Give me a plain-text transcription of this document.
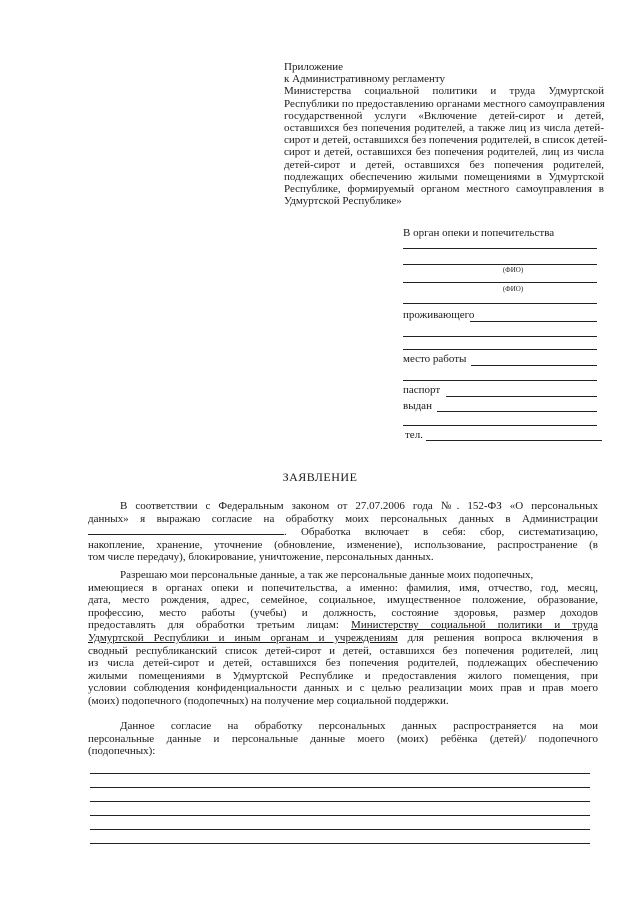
Приложение
к Административному регламенту
Министерства социальной политики и труда Удмуртской
Республики по предоставлению органами местного самоуправления
государственной услуги «Включение детей-сирот и детей,
оставшихся без попечения родителей, а также лиц из числа детей-
сирот и детей, оставшихся без попечения родителей, в список детей-
сирот и детей, оставшихся без попечения родителей, лиц из числа
детей-сирот и детей, оставшихся без попечения родителей,
подлежащих обеспечению жилыми помещениями в Удмуртской
Республике, формируемый органом местного самоуправления в
Удмуртской Республике»
В орган опеки и попечительства
(ФИО)
(ФИО)
проживающего
место работы
паспорт
выдан
тел.
ЗАЯВЛЕНИЕ
В соответствии с Федеральным законом от 27.07.2006 года №. 152-ФЗ «О персональных
данных» я выражаю согласие на обработку моих персональных данных в Администрации
. Обработка включает в себя: сбор, систематизацию,
накопление, хранение, уточнение (обновление, изменение), использование, распространение (в
том числе передачу), блокирование, уничтожение, персональных данных.
Разрешаю мои персональные данные, а так же персональные данные моих подопечных,
имеющиеся в органах опеки и попечительства, а именно: фамилия, имя, отчество, год, месяц,
дата, место рождения, адрес, семейное, социальное, имущественное положение, образование,
профессию, место работы (учебы) и должность, состояние здоровья, размер доходов
предоставлять для обработки третьим лицам: Министерству социальной политики и труда
Удмуртской Республики и иным органам и учреждениям для решения вопроса включения в
сводный республиканский список детей-сирот и детей, оставшихся без попечения родителей, лиц
из числа детей-сирот и детей, оставшихся без попечения родителей, подлежащих обеспечению
жилыми помещениями в Удмуртской Республике и предоставления жилого помещения, при
условии соблюдения конфиденциальности данных и с целью реализации моих прав и прав моего
(моих) подопечного (подопечных) на получение мер социальной поддержки.
Данное согласие на обработку персональных данных распространяется на мои
персональные данные и персональные данные моего (моих) ребёнка (детей)/ подопечного
(подопечных):
